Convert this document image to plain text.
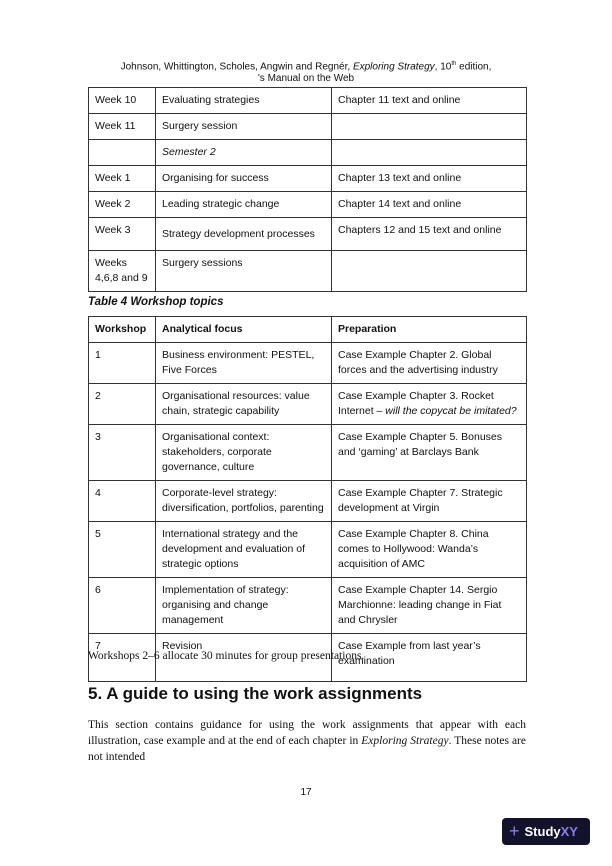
Johnson, Whittington, Scholes, Angwin and Regnér, Exploring Strategy, 10th edition,
's Manual on the Web
Week 10	Evaluating strategies	Chapter 11 text and online
Week 11	Surgery session	
	Semester 2	
Week 1	Organising for success	Chapter 13 text and online
Week 2	Leading strategic change	Chapter 14 text and online
Week 3	Strategy development processes	Chapters 12 and 15 text and online
Weeks 4,6,8 and 9	Surgery sessions	
Table 4 Workshop topics
Workshop	Analytical focus	Preparation
1	Business environment: PESTEL, Five Forces	Case Example Chapter 2. Global forces and the advertising industry
2	Organisational resources: value chain, strategic capability	Case Example Chapter 3. Rocket Internet – will the copycat be imitated?
3	Organisational context: stakeholders, corporate governance, culture	Case Example Chapter 5. Bonuses and ‘gaming’ at Barclays Bank
4	Corporate-level strategy: diversification, portfolios, parenting	Case Example Chapter 7. Strategic development at Virgin
5	International strategy and the development and evaluation of strategic options	Case Example Chapter 8. China comes to Hollywood: Wanda’s acquisition of AMC
6	Implementation of strategy: organising and change management	Case Example Chapter 14. Sergio Marchionne: leading change in Fiat and Chrysler
7	Revision	Case Example from last year’s examination
Workshops 2–6 allocate 30 minutes for group presentations.
5. A guide to using the work assignments
This section contains guidance for using the work assignments that appear with each illustration, case example and at the end of each chapter in Exploring Strategy. These notes are not intended
17
+ StudyXY
